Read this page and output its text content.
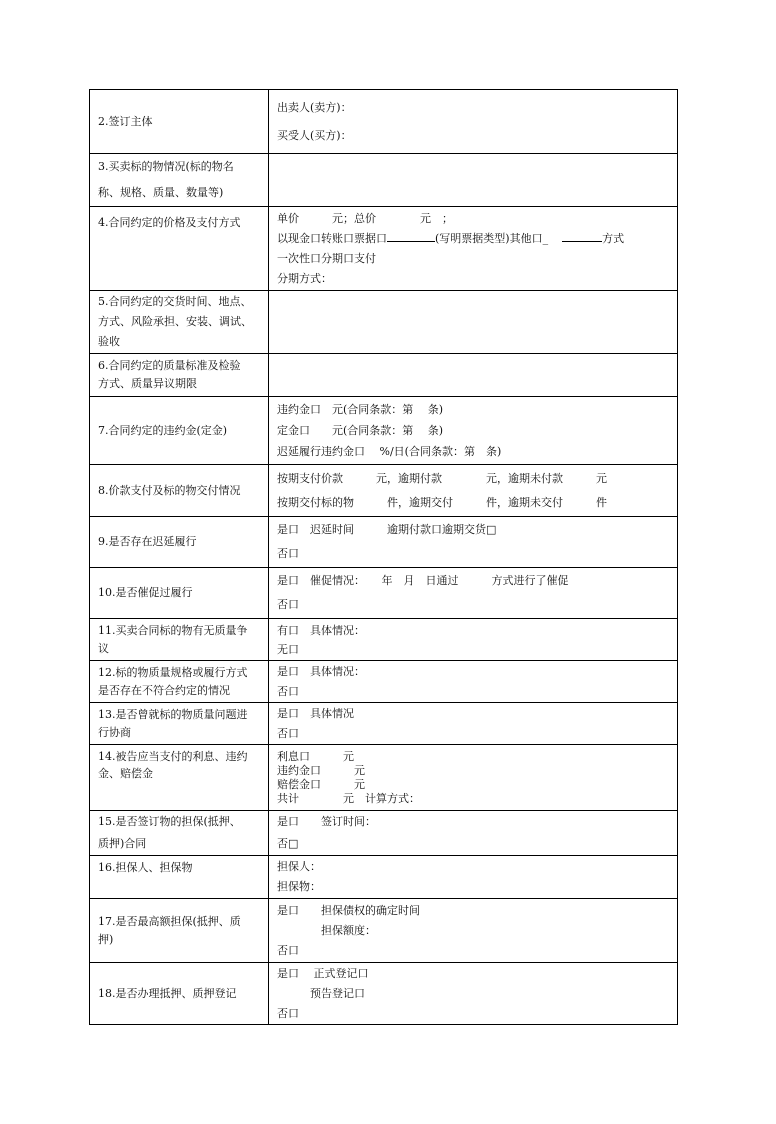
2.签订主体	出卖人(卖方)：
买受人(买方)：

3.买卖标的物情况(标的物名
称、规格、质量、数量等)	

4.合同约定的价格及支付方式	单价　　　元；总价　　　　元　；
以现金口转账口票据口 (写明票据类型)其他口_ 方式
一次性口分期口支付
分期方式：

5.合同约定的交货时间、地点、
方式、风险承担、安装、调试、
验收	

6.合同约定的质量标准及检验
方式、质量异议期限	

7.合同约定的违约金(定金)	违约金口　元(合同条款：第　 条)
定金口　　元(合同条款：第　 条)
迟延履行违约金口　 %/日(合同条款：第　条)

8.价款支付及标的物交付情况	按期支付价款　　　元，逾期付款　　　　元，逾期未付款　　　元
按期交付标的物　　　件，逾期交付　　　件，逾期未交付　　　件

9.是否存在迟延履行	是口　迟延时间　　　逾期付款口逾期交货□
否口

10.是否催促过履行	是口　催促情况：　　年　月　日通过　　　方式进行了催促
否口

11.买卖合同标的物有无质量争
议	有口　具体情况：
无口

12.标的物质量规格或履行方式
是否存在不符合约定的情况	是口　具体情况：
否口

13.是否曾就标的物质量问题进
行协商	是口　具体情况
否口

14.被告应当支付的利息、违约
金、赔偿金	利息口　　　元
违约金口　　　元
赔偿金口　　　元
共计　　　　元　计算方式：

15.是否签订物的担保(抵押、
质押)合同	是口　　签订时间：
否□

16.担保人、担保物	担保人：
担保物：

17.是否最高额担保(抵押、质
押)	是口　　担保债权的确定时间
　　　　担保额度：
否口

18.是否办理抵押、质押登记	是口　 正式登记口
　　　预告登记口
否口
